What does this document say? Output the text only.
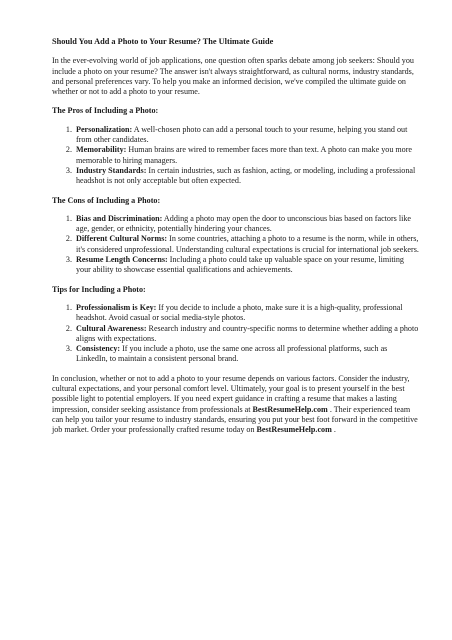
Should You Add a Photo to Your Resume? The Ultimate Guide

In the ever-evolving world of job applications, one question often sparks debate among job seekers: Should you include a photo on your resume? The answer isn't always straightforward, as cultural norms, industry standards, and personal preferences vary. To help you make an informed decision, we've compiled the ultimate guide on whether or not to add a photo to your resume.

The Pros of Including a Photo:

1. Personalization: A well-chosen photo can add a personal touch to your resume, helping you stand out from other candidates.
2. Memorability: Human brains are wired to remember faces more than text. A photo can make you more memorable to hiring managers.
3. Industry Standards: In certain industries, such as fashion, acting, or modeling, including a professional headshot is not only acceptable but often expected.

The Cons of Including a Photo:

1. Bias and Discrimination: Adding a photo may open the door to unconscious bias based on factors like age, gender, or ethnicity, potentially hindering your chances.
2. Different Cultural Norms: In some countries, attaching a photo to a resume is the norm, while in others, it's considered unprofessional. Understanding cultural expectations is crucial for international job seekers.
3. Resume Length Concerns: Including a photo could take up valuable space on your resume, limiting your ability to showcase essential qualifications and achievements.

Tips for Including a Photo:

1. Professionalism is Key: If you decide to include a photo, make sure it is a high-quality, professional headshot. Avoid casual or social media-style photos.
2. Cultural Awareness: Research industry and country-specific norms to determine whether adding a photo aligns with expectations.
3. Consistency: If you include a photo, use the same one across all professional platforms, such as LinkedIn, to maintain a consistent personal brand.

In conclusion, whether or not to add a photo to your resume depends on various factors. Consider the industry, cultural expectations, and your personal comfort level. Ultimately, your goal is to present yourself in the best possible light to potential employers. If you need expert guidance in crafting a resume that makes a lasting impression, consider seeking assistance from professionals at BestResumeHelp.com . Their experienced team can help you tailor your resume to industry standards, ensuring you put your best foot forward in the competitive job market. Order your professionally crafted resume today on BestResumeHelp.com .
